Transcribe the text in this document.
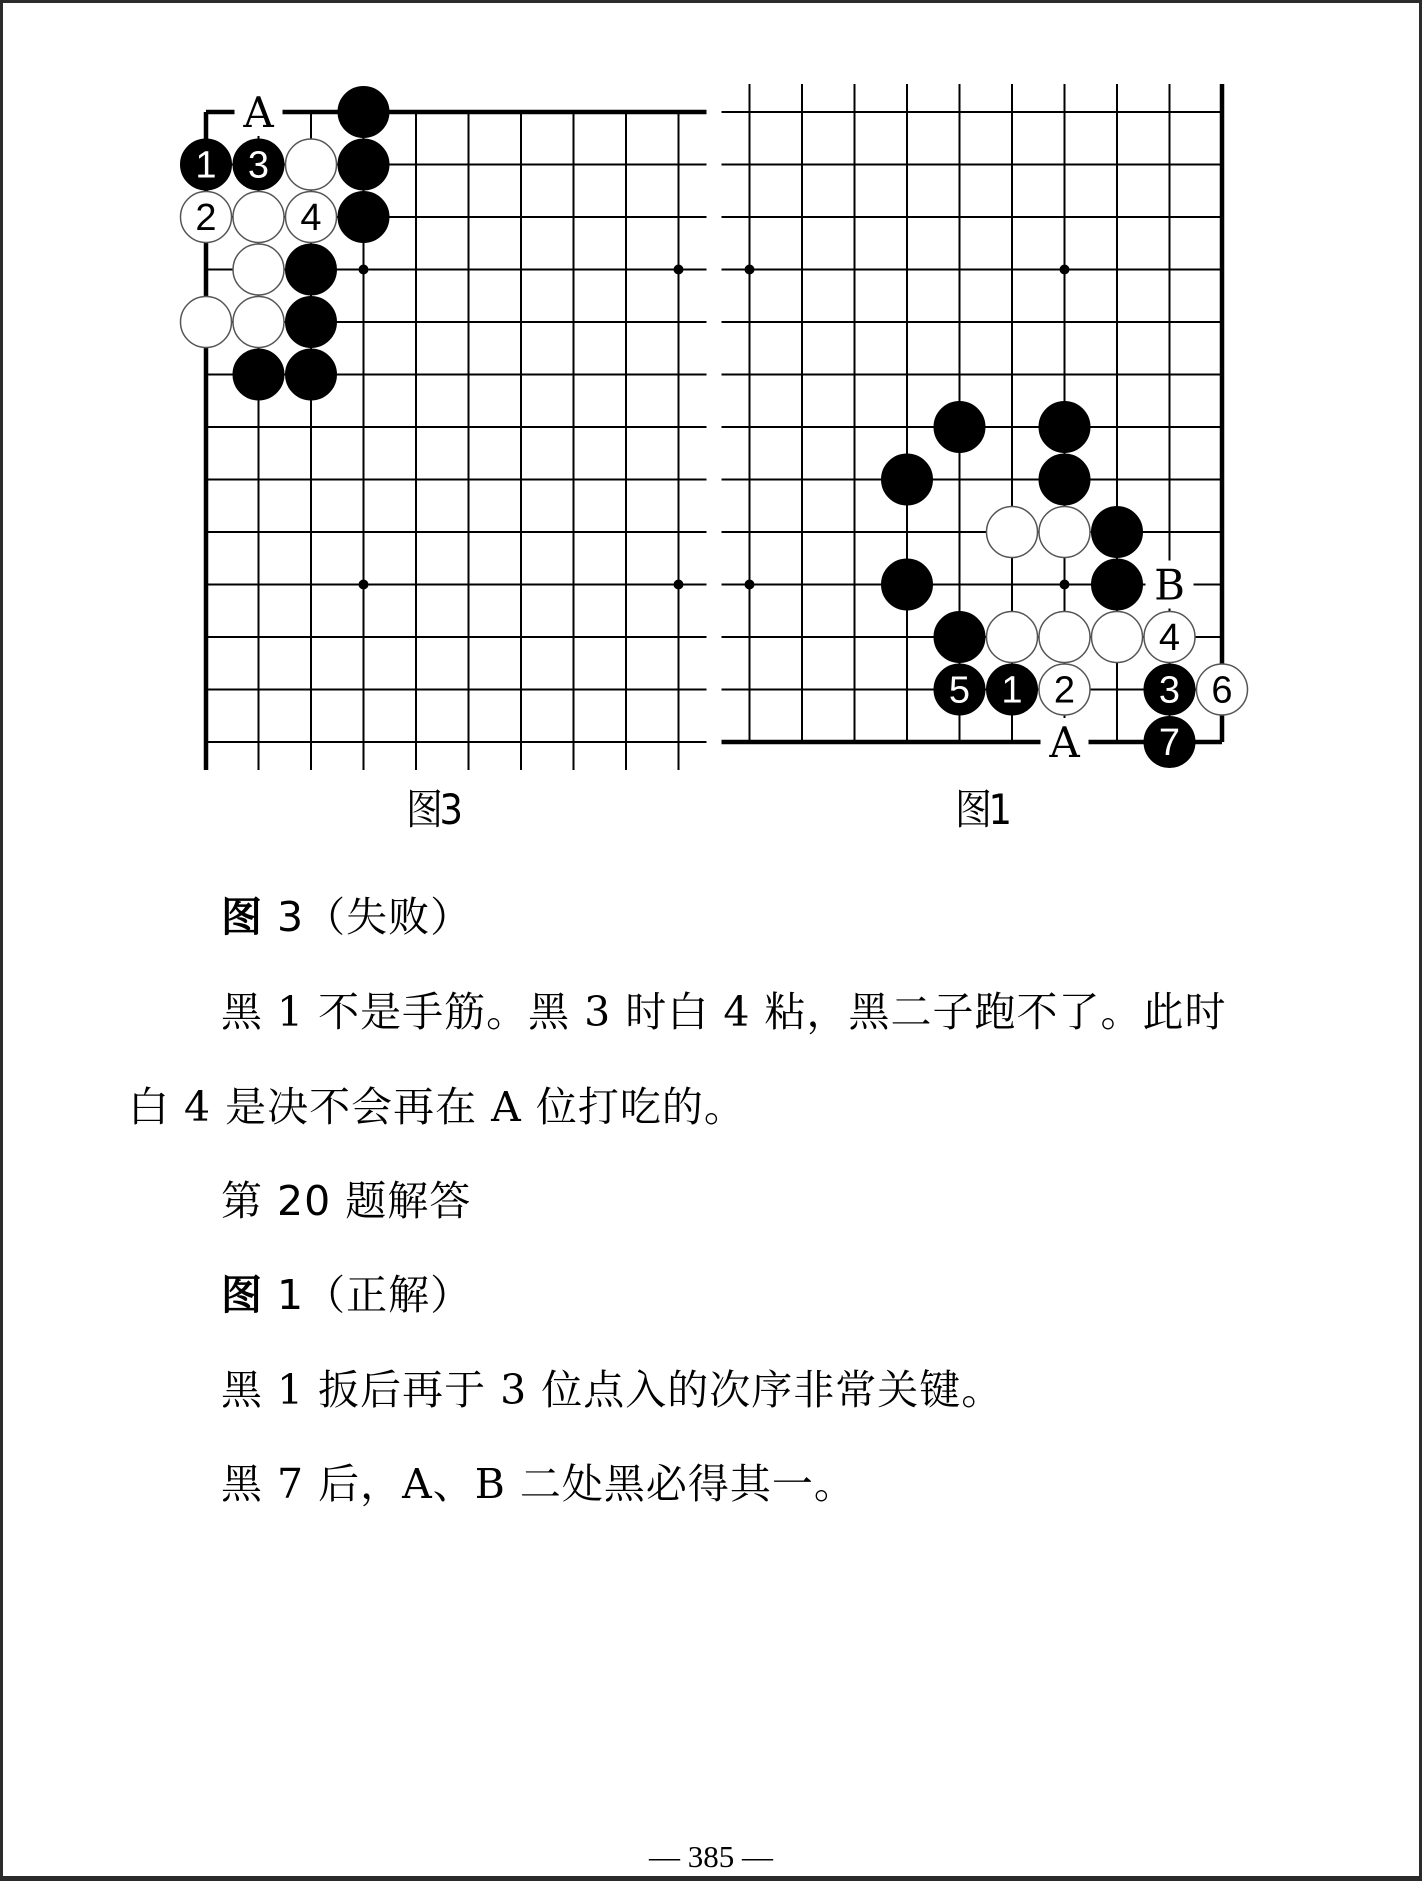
A
1 3
2 4
B
A
4
5 1 2 3 6
7
图3	图1
图 3（失败）
黑 1 不是手筋。黑 3 时白 4 粘，黑二子跑不了。此时
白 4 是决不会再在 A 位打吃的。
第 20 题解答
图 1（正解）
黑 1 扳后再于 3 位点入的次序非常关键。
黑 7 后，A、B 二处黑必得其一。
— 385 —
